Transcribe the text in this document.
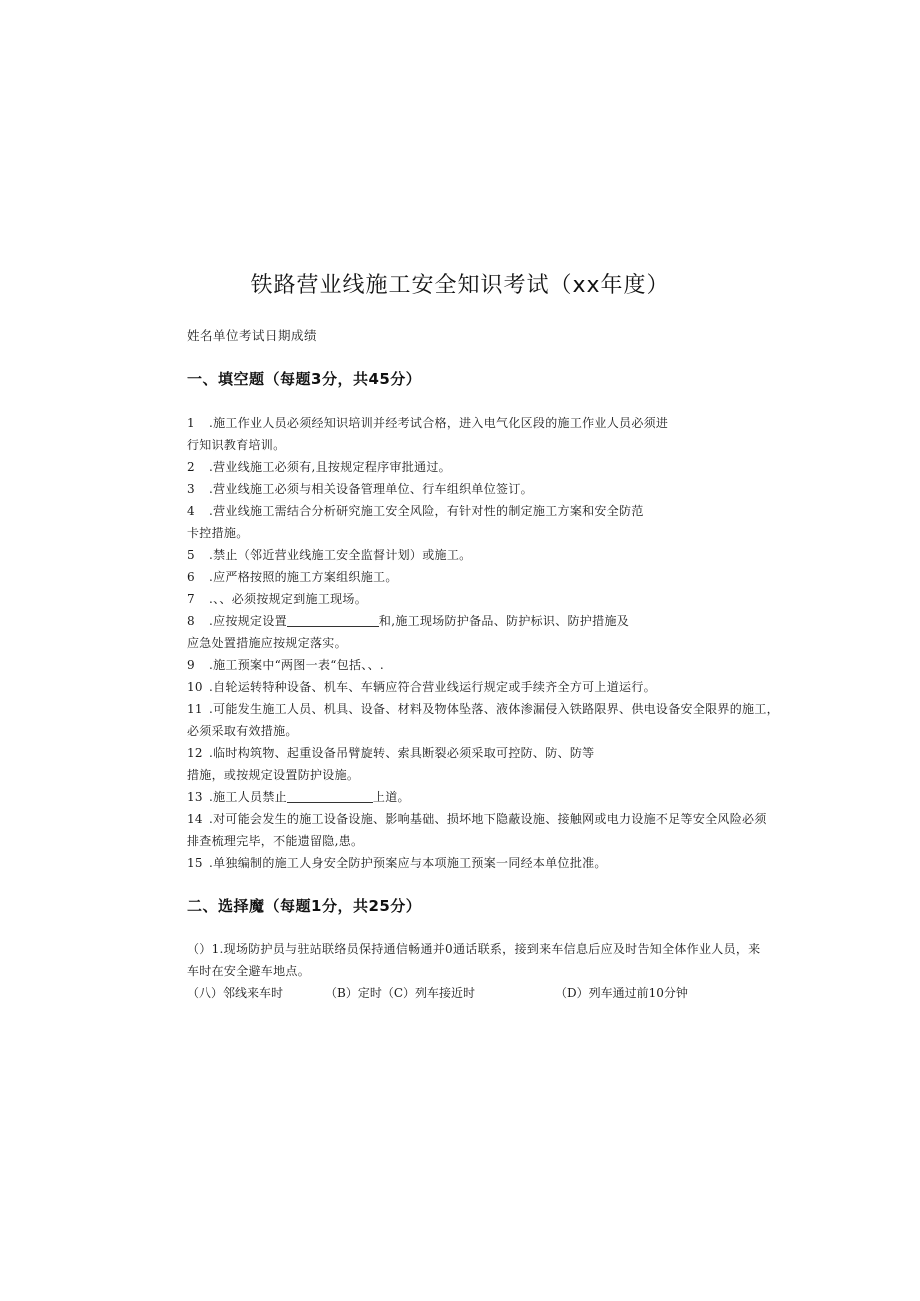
铁路营业线施工安全知识考试（xx年度）
姓名单位考试日期成绩
一、填空题（每题3分，共45分）
1 .施工作业人员必须经知识培训并经考试合格，进入电气化区段的施工作业人员必须进
行知识教育培训。
2 .营业线施工必须有,且按规定程序审批通过。
3 .营业线施工必须与相关设备管理单位、行车组织单位签订。
4 .营业线施工需结合分析研究施工安全风险，有针对性的制定施工方案和安全防范
卡控措施。
5 .禁止（邻近营业线施工安全监督计划）或施工。
6 .应严格按照的施工方案组织施工。
7 .、、必须按规定到施工现场。
8 .应按规定设置	和,施工现场防护备品、防护标识、防护措施及
应急处置措施应按规定落实。
9 .施工预案中“两图一表“包括、、.
10 .自轮运转特种设备、机车、车辆应符合营业线运行规定或手续齐全方可上道运行。
11 .可能发生施工人员、机具、设备、材料及物体坠落、液体渗漏侵入铁路限界、供电设备安全限界的施工，
必须采取有效措施。
12 .临时构筑物、起重设备吊臂旋转、索具断裂必须采取可控防、防、防等
措施，或按规定设置防护设施。
13 .施工人员禁止	上道。
14 .对可能会发生的施工设备设施、影响基础、损坏地下隐蔽设施、接触网或电力设施不足等安全风险必须
排查梳理完毕，不能遗留隐,患。
15 .单独编制的施工人身安全防护预案应与本项施工预案一同经本单位批准。
二、选择魔（每题1分，共25分）
（）1.现场防护员与驻站联络员保持通信畅通并0通话联系，接到来车信息后应及时告知全体作业人员，来
车时在安全避车地点。
（八）邻线来车时	（B）定时（C）列车接近时	（D）列车通过前10分钟
